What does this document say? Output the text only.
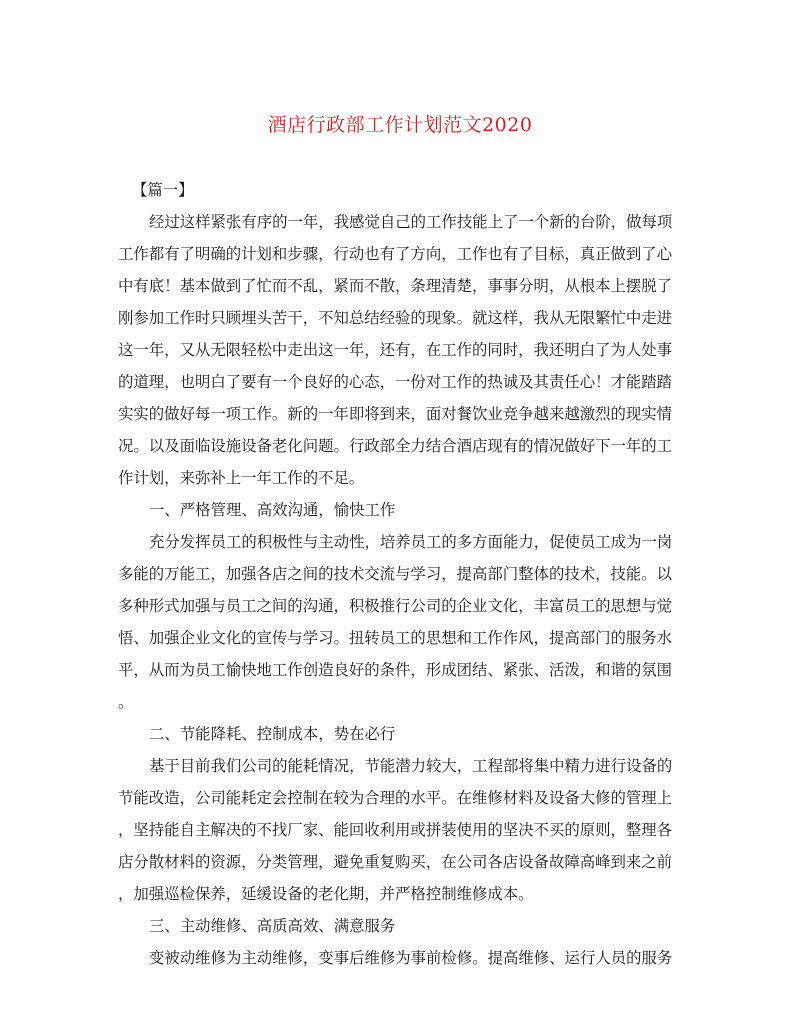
酒店行政部工作计划范文2020
【篇一】
经过这样紧张有序的一年，我感觉自己的工作技能上了一个新的台阶，做每项
工作都有了明确的计划和步骤，行动也有了方向，工作也有了目标，真正做到了心
中有底！基本做到了忙而不乱，紧而不散，条理清楚，事事分明，从根本上摆脱了
刚参加工作时只顾埋头苦干，不知总结经验的现象。就这样，我从无限繁忙中走进
这一年，又从无限轻松中走出这一年，还有，在工作的同时，我还明白了为人处事
的道理，也明白了要有一个良好的心态，一份对工作的热诚及其责任心！才能踏踏
实实的做好每一项工作。新的一年即将到来，面对餐饮业竞争越来越激烈的现实情
况。以及面临设施设备老化问题。行政部全力结合酒店现有的情况做好下一年的工
作计划，来弥补上一年工作的不足。
一、严格管理、高效沟通，愉快工作
充分发挥员工的积极性与主动性，培养员工的多方面能力，促使员工成为一岗
多能的万能工，加强各店之间的技术交流与学习，提高部门整体的技术，技能。以
多种形式加强与员工之间的沟通，积极推行公司的企业文化，丰富员工的思想与觉
悟、加强企业文化的宣传与学习。扭转员工的思想和工作作风，提高部门的服务水
平，从而为员工愉快地工作创造良好的条件，形成团结、紧张、活泼，和谐的氛围
。
二、节能降耗、控制成本，势在必行
基于目前我们公司的能耗情况，节能潜力较大，工程部将集中精力进行设备的
节能改造，公司能耗定会控制在较为合理的水平。在维修材料及设备大修的管理上
，坚持能自主解决的不找厂家、能回收利用或拼装使用的坚决不买的原则，整理各
店分散材料的资源，分类管理，避免重复购买，在公司各店设备故障高峰到来之前
，加强巡检保养，延缓设备的老化期，并严格控制维修成本。
三、主动维修、高质高效、满意服务
变被动维修为主动维修，变事后维修为事前检修。提高维修、运行人员的服务
